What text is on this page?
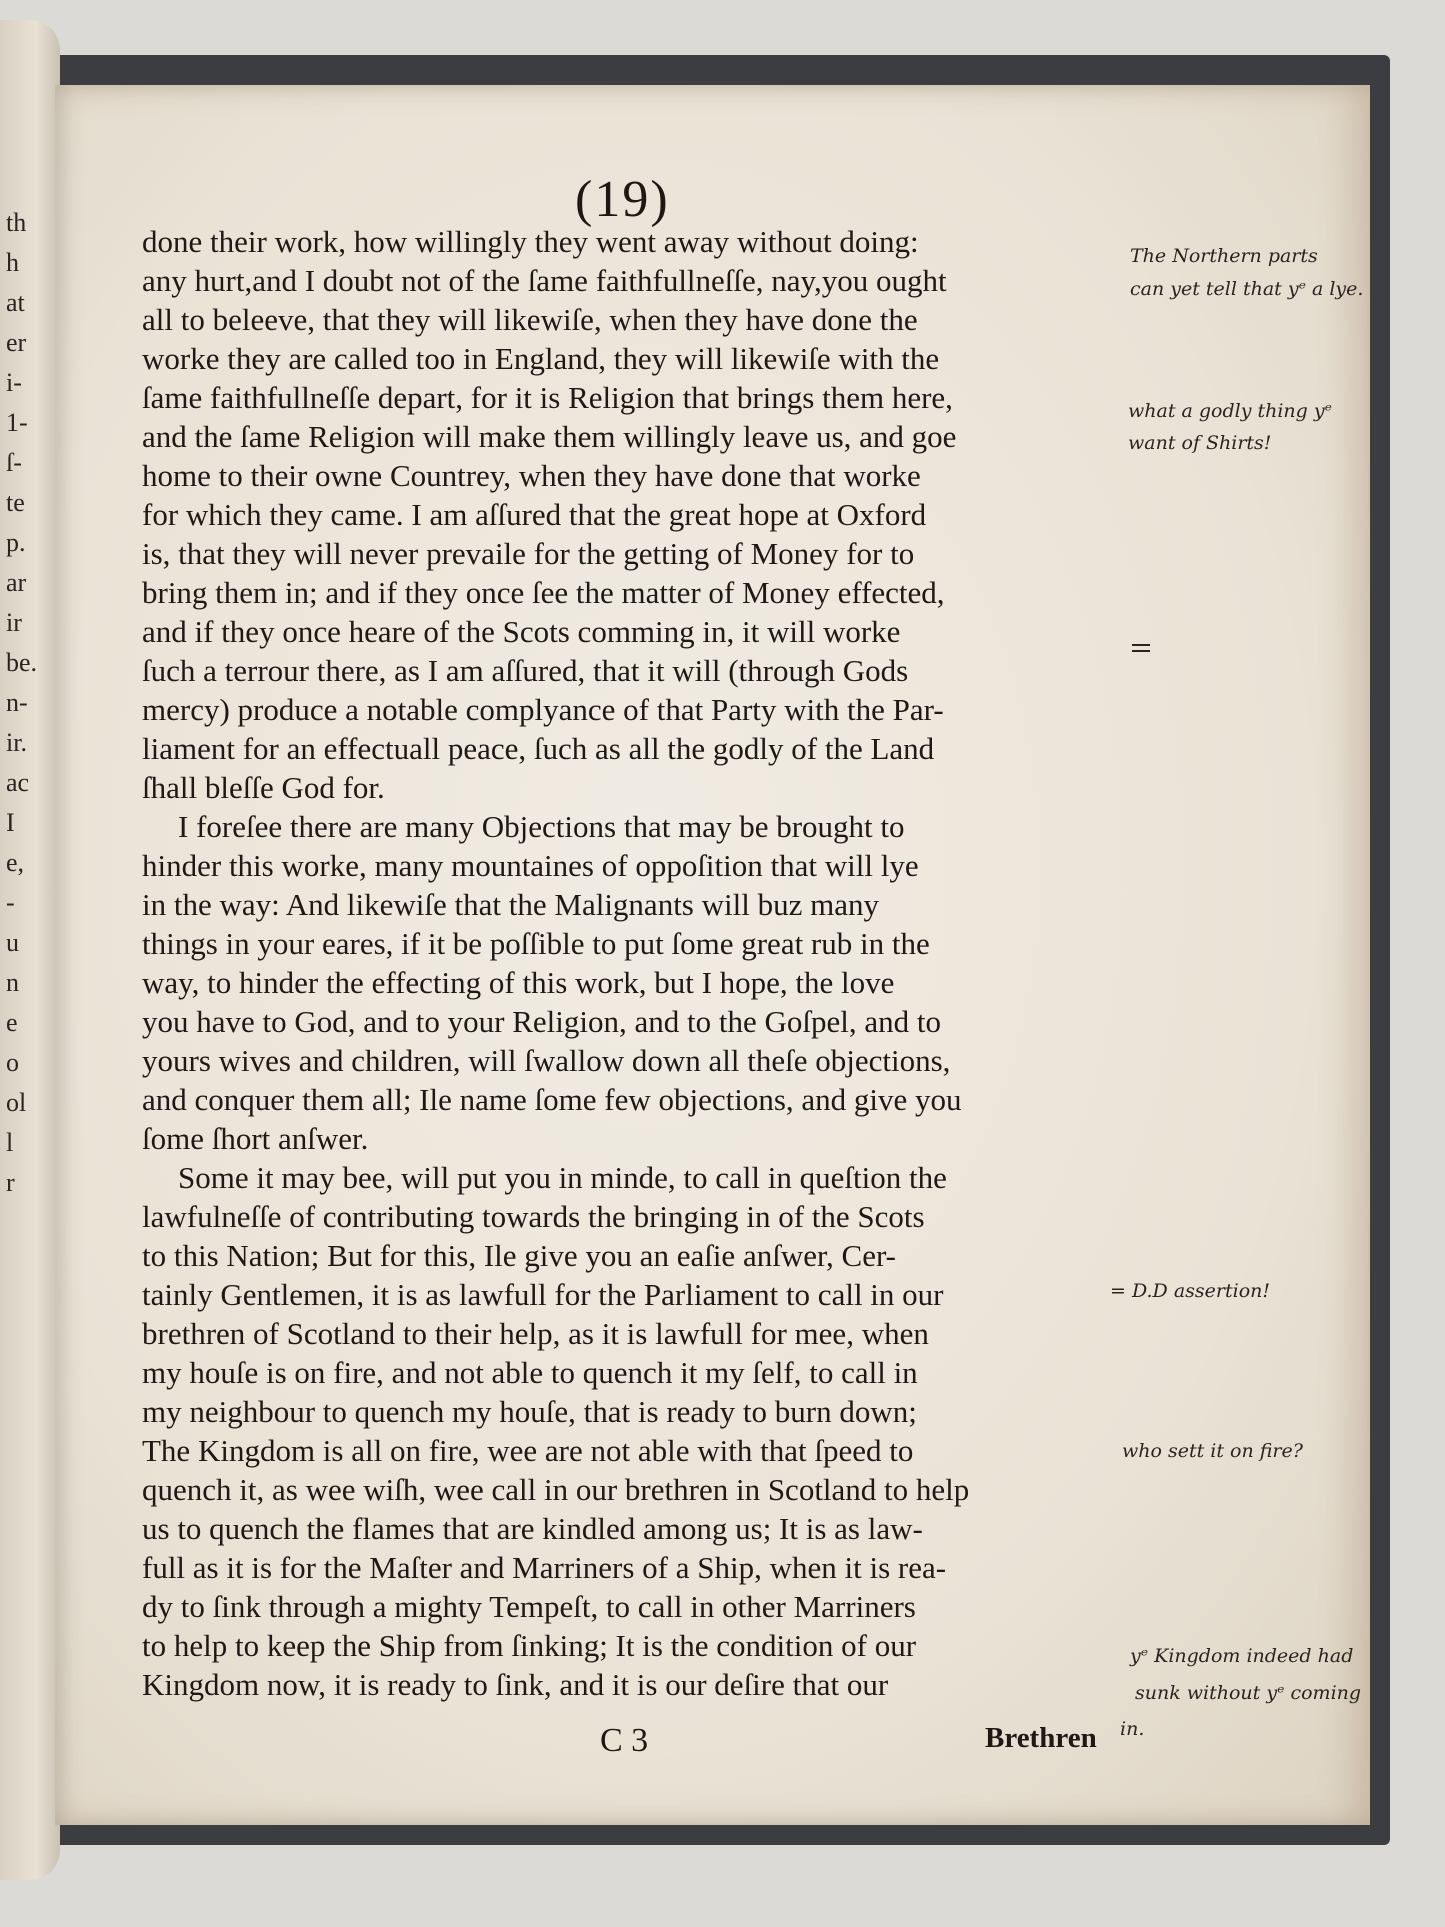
th
h
at
er
i-
1-
ſ-
te
p.
ar
ir
be.
n-
ir.
ac
I
e,
-
u
n
e
o
ol
l
r
(19)
done their work, how willingly they went away without doing:
any hurt,and I doubt not of the ſame faithfullneſſe, nay,you ought
all to beleeve, that they will likewiſe, when they have done the
worke they are called too in England, they will likewiſe with the
ſame faithfullneſſe depart, for it is Religion that brings them here,
and the ſame Religion will make them willingly leave us, and goe
home to their owne Countrey, when they have done that worke
for which they came. I am aſſured that the great hope at Oxford
is, that they will never prevaile for the getting of Money for to
bring them in; and if they once ſee the matter of Money effected,
and if they once heare of the Scots comming in, it will worke
ſuch a terrour there, as I am aſſured, that it will (through Gods
mercy) produce a notable complyance of that Party with the Par-
liament for an effectuall peace, ſuch as all the godly of the Land
ſhall bleſſe God for.
I foreſee there are many Objections that may be brought to
hinder this worke, many mountaines of oppoſition that will lye
in the way: And likewiſe that the Malignants will buz many
things in your eares, if it be poſſible to put ſome great rub in the
way, to hinder the effecting of this work, but I hope, the love
you have to God, and to your Religion, and to the Goſpel, and to
yours wives and children, will ſwallow down all theſe objections,
and conquer them all; Ile name ſome few objections, and give you
ſome ſhort anſwer.
Some it may bee, will put you in minde, to call in queſtion the
lawfulneſſe of contributing towards the bringing in of the Scots
to this Nation; But for this, Ile give you an eaſie anſwer, Cer-
tainly Gentlemen, it is as lawfull for the Parliament to call in our
brethren of Scotland to their help, as it is lawfull for mee, when
my houſe is on fire, and not able to quench it my ſelf, to call in
my neighbour to quench my houſe, that is ready to burn down;
The Kingdom is all on fire, wee are not able with that ſpeed to
quench it, as wee wiſh, wee call in our brethren in Scotland to help
us to quench the flames that are kindled among us; It is as law-
full as it is for the Maſter and Marriners of a Ship, when it is rea-
dy to ſink through a mighty Tempeſt, to call in other Marriners
to help to keep the Ship from ſinking; It is the condition of our
Kingdom now, it is ready to ſink, and it is our deſire that our
C 3	Brethren
The Northern parts
can yet tell that yᵉ a lye.
what a godly thing yᵉ
want of Shirts!
= D.D assertion!
who sett it on fire?
yᵉ Kingdom indeed had
sunk without yᵉ coming
in.
